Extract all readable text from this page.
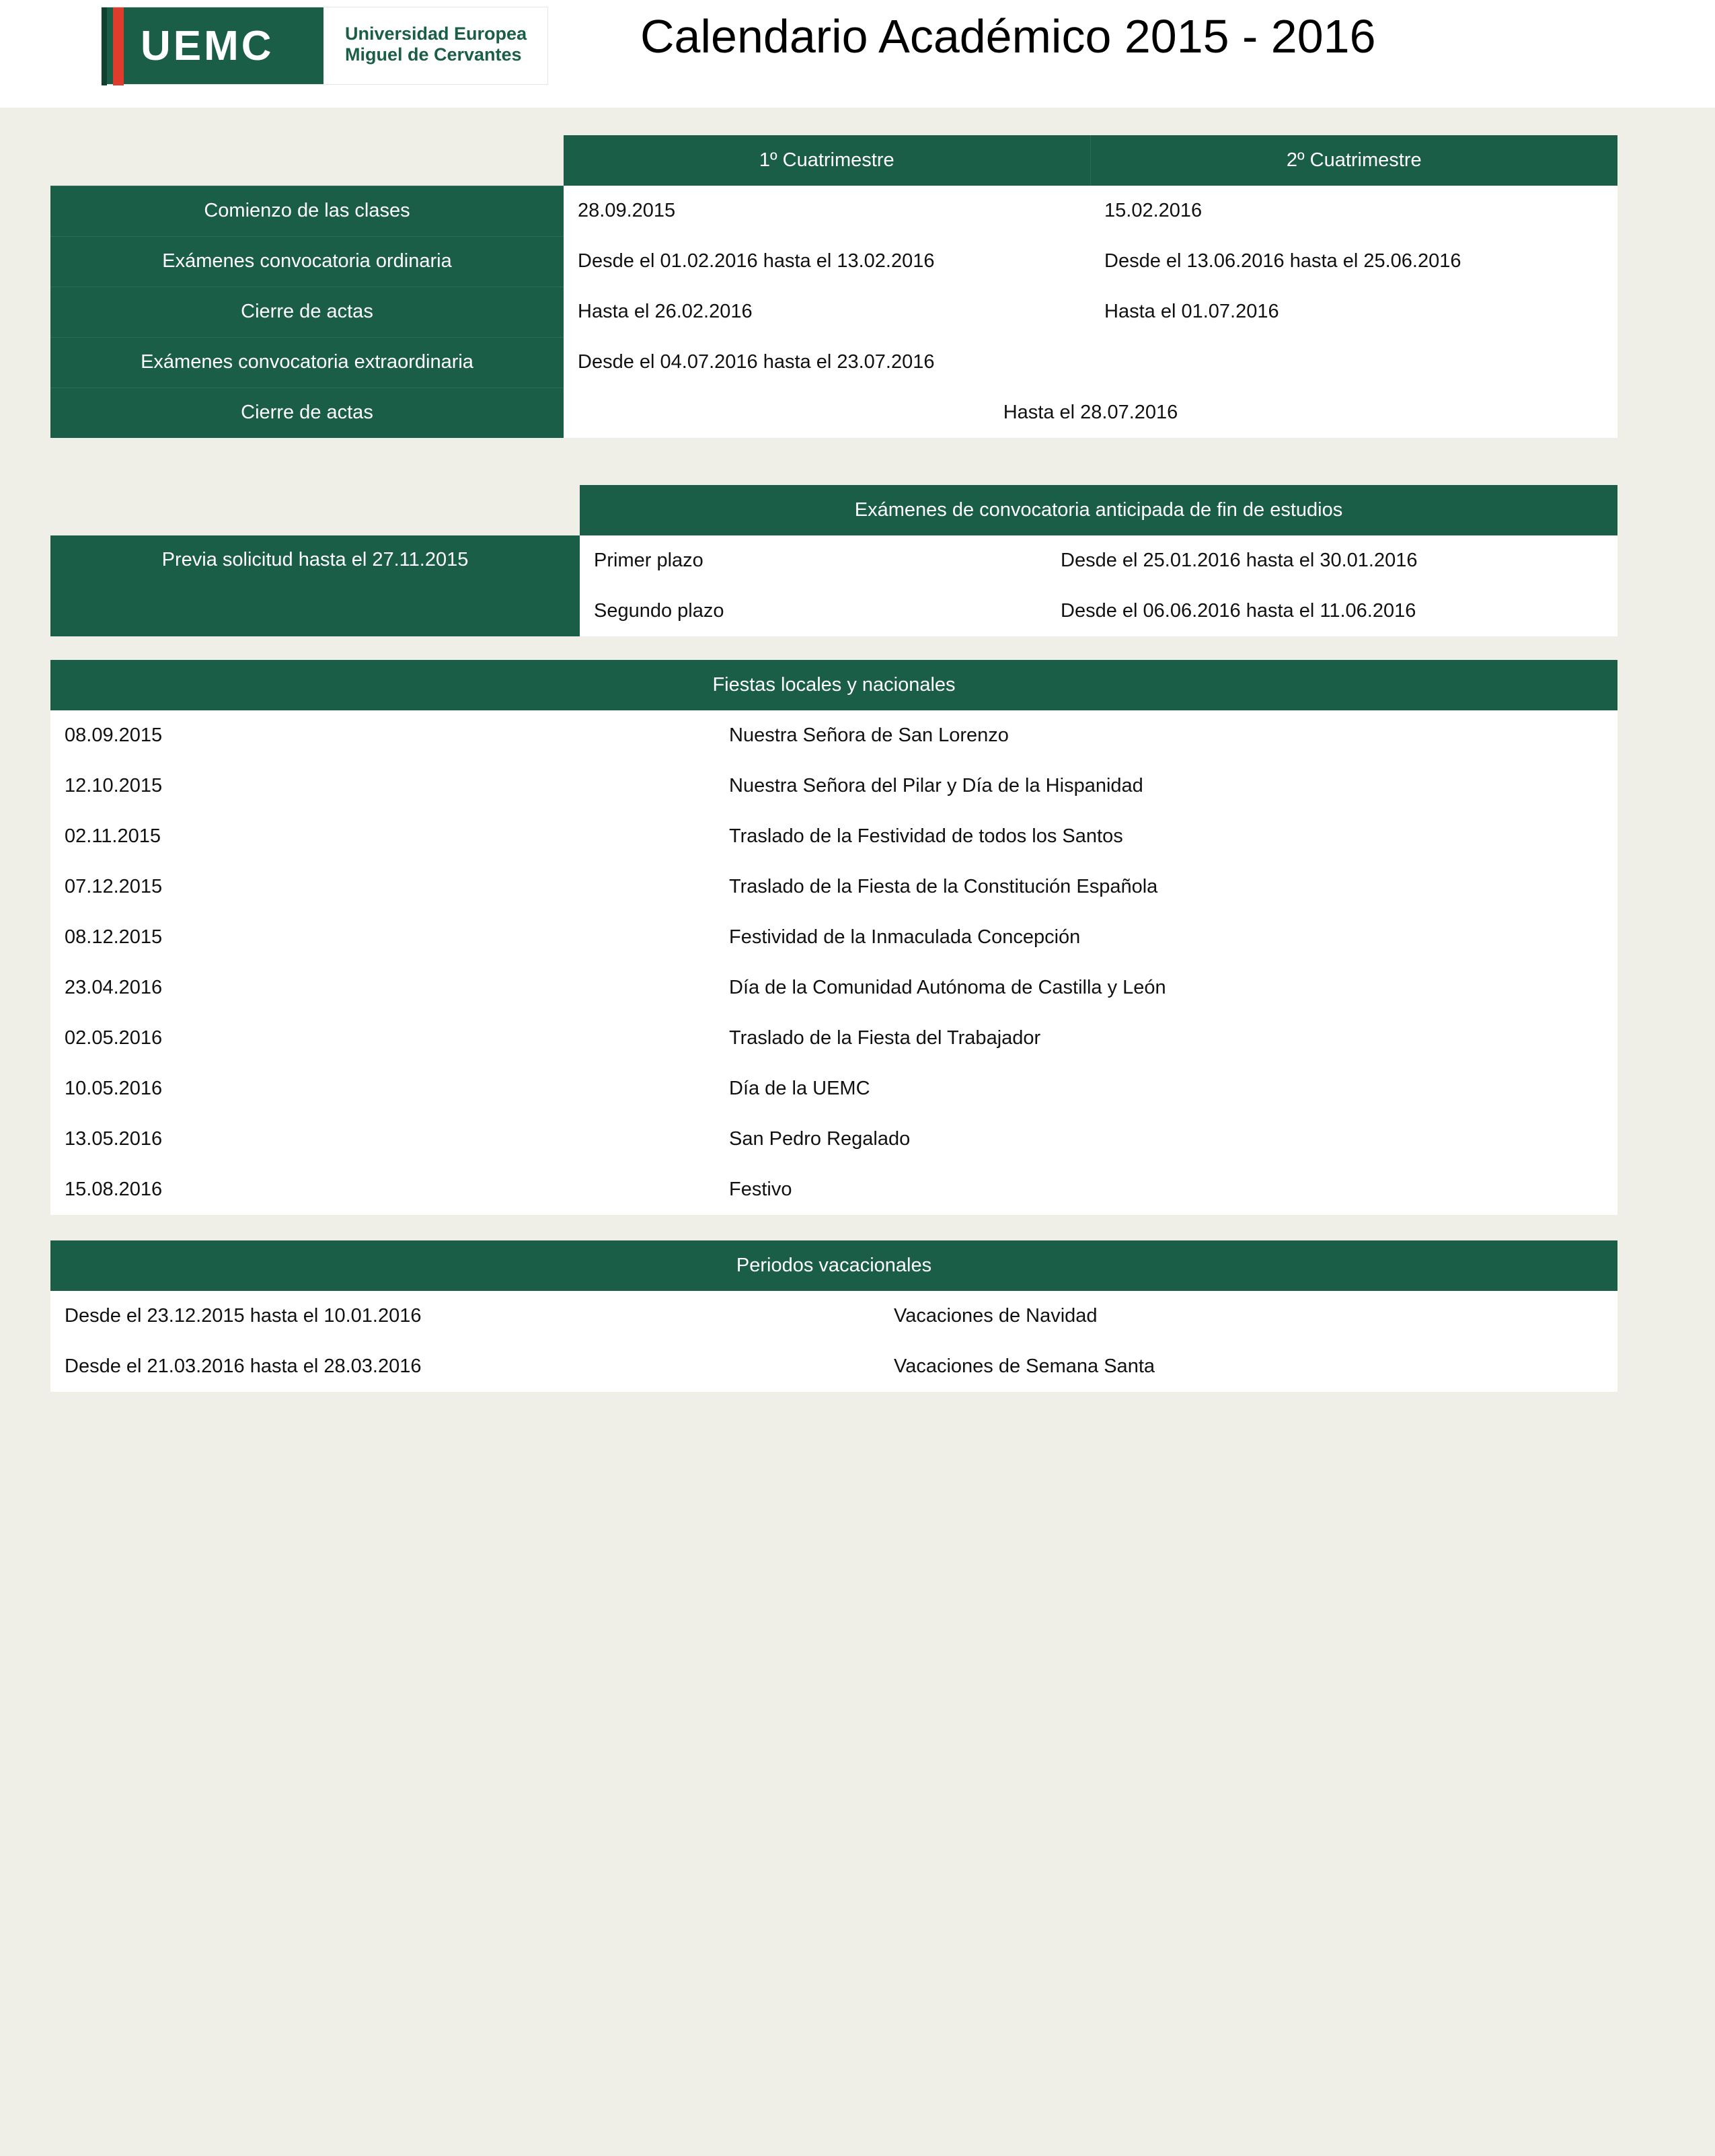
UEMC	Universidad Europea
Miguel de Cervantes	Calendario Académico 2015 - 2016
	1º Cuatrimestre	2º Cuatrimestre
Comienzo de las clases	28.09.2015	15.02.2016
Exámenes convocatoria ordinaria	Desde el 01.02.2016 hasta el 13.02.2016	Desde el 13.06.2016 hasta el 25.06.2016
Cierre de actas	Hasta el 26.02.2016	Hasta el 01.07.2016
Exámenes convocatoria extraordinaria	Desde el 04.07.2016 hasta el 23.07.2016	
Cierre de actas	Hasta el 28.07.2016	
	Exámenes de convocatoria anticipada de fin de estudios	
Previa solicitud hasta el 27.11.2015	Primer plazo	Desde el 25.01.2016 hasta el 30.01.2016
	Segundo plazo	Desde el 06.06.2016 hasta el 11.06.2016
Fiestas locales y nacionales	
08.09.2015	Nuestra Señora de San Lorenzo
12.10.2015	Nuestra Señora del Pilar y Día de la Hispanidad
02.11.2015	Traslado de la Festividad de todos los Santos
07.12.2015	Traslado de la Fiesta de la Constitución Española
08.12.2015	Festividad de la Inmaculada Concepción
23.04.2016	Día de la Comunidad Autónoma de Castilla y León
02.05.2016	Traslado de la Fiesta del Trabajador
10.05.2016	Día de la UEMC
13.05.2016	San Pedro Regalado
15.08.2016	Festivo
Periodos vacacionales	
Desde el 23.12.2015 hasta el 10.01.2016	Vacaciones de Navidad
Desde el 21.03.2016 hasta el 28.03.2016	Vacaciones de Semana Santa
